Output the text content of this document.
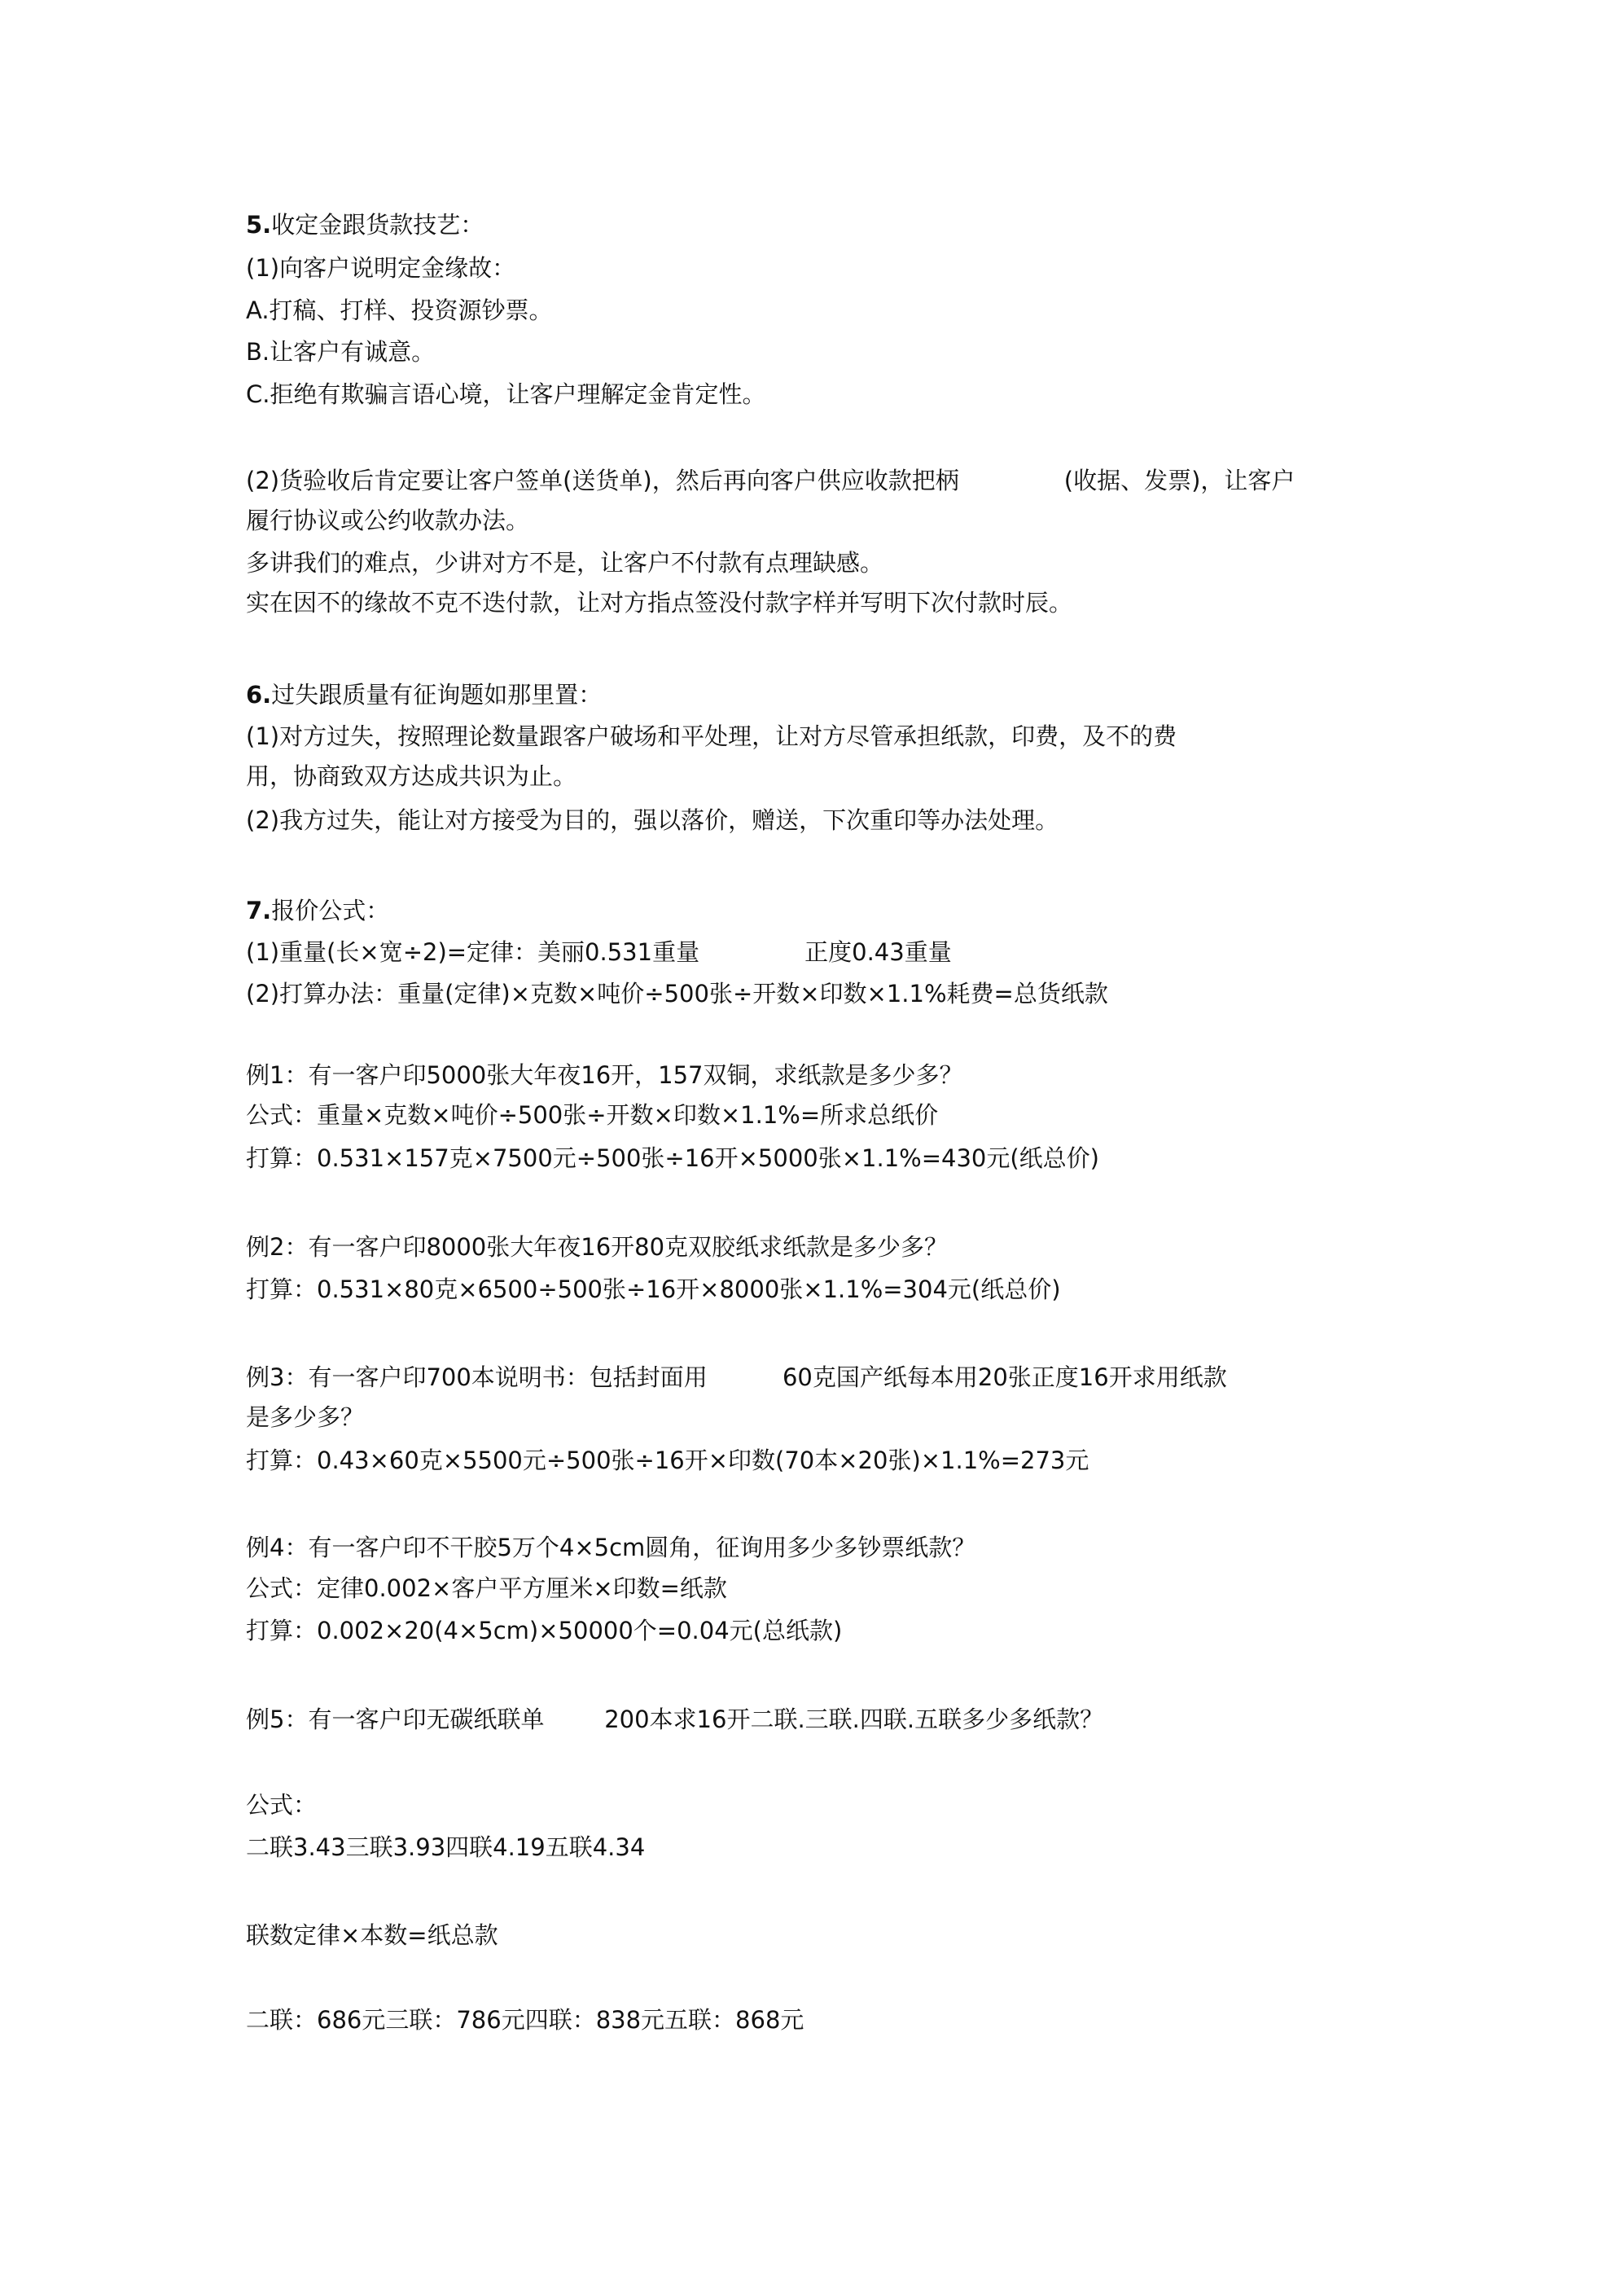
5.收定金跟货款技艺：
(1)向客户说明定金缘故：
A.打稿、打样、投资源钞票。
B.让客户有诚意。
C.拒绝有欺骗言语心境，让客户理解定金肯定性。
(2)货验收后肯定要让客户签单(送货单)，然后再向客户供应收款把柄              (收据、发票)，让客户
履行协议或公约收款办法。
多讲我们的难点，少讲对方不是，让客户不付款有点理缺感。
实在因不的缘故不克不迭付款，让对方指点签没付款字样并写明下次付款时辰。
6.过失跟质量有征询题如那里置：
(1)对方过失，按照理论数量跟客户破场和平处理，让对方尽管承担纸款，印费，及不的费
用，协商致双方达成共识为止。
(2)我方过失，能让对方接受为目的，强以落价，赠送，下次重印等办法处理。
7.报价公式：
(1)重量(长×宽÷2)=定律：美丽0.531重量              正度0.43重量
(2)打算办法：重量(定律)×克数×吨价÷500张÷开数×印数×1.1%耗费=总货纸款
例1：有一客户印5000张大年夜16开，157双铜，求纸款是多少多？
公式：重量×克数×吨价÷500张÷开数×印数×1.1%=所求总纸价
打算：0.531×157克×7500元÷500张÷16开×5000张×1.1%=430元(纸总价)
例2：有一客户印8000张大年夜16开80克双胶纸求纸款是多少多？
打算：0.531×80克×6500÷500张÷16开×8000张×1.1%=304元(纸总价)
例3：有一客户印700本说明书：包括封面用          60克国产纸每本用20张正度16开求用纸款
是多少多？
打算：0.43×60克×5500元÷500张÷16开×印数(70本×20张)×1.1%=273元
例4：有一客户印不干胶5万个4×5cm圆角，征询用多少多钞票纸款？
公式：定律0.002×客户平方厘米×印数=纸款
打算：0.002×20(4×5cm)×50000个=0.04元(总纸款)
例5：有一客户印无碳纸联单        200本求16开二联.三联.四联.五联多少多纸款？
公式：
二联3.43三联3.93四联4.19五联4.34
联数定律×本数=纸总款
二联：686元三联：786元四联：838元五联：868元
